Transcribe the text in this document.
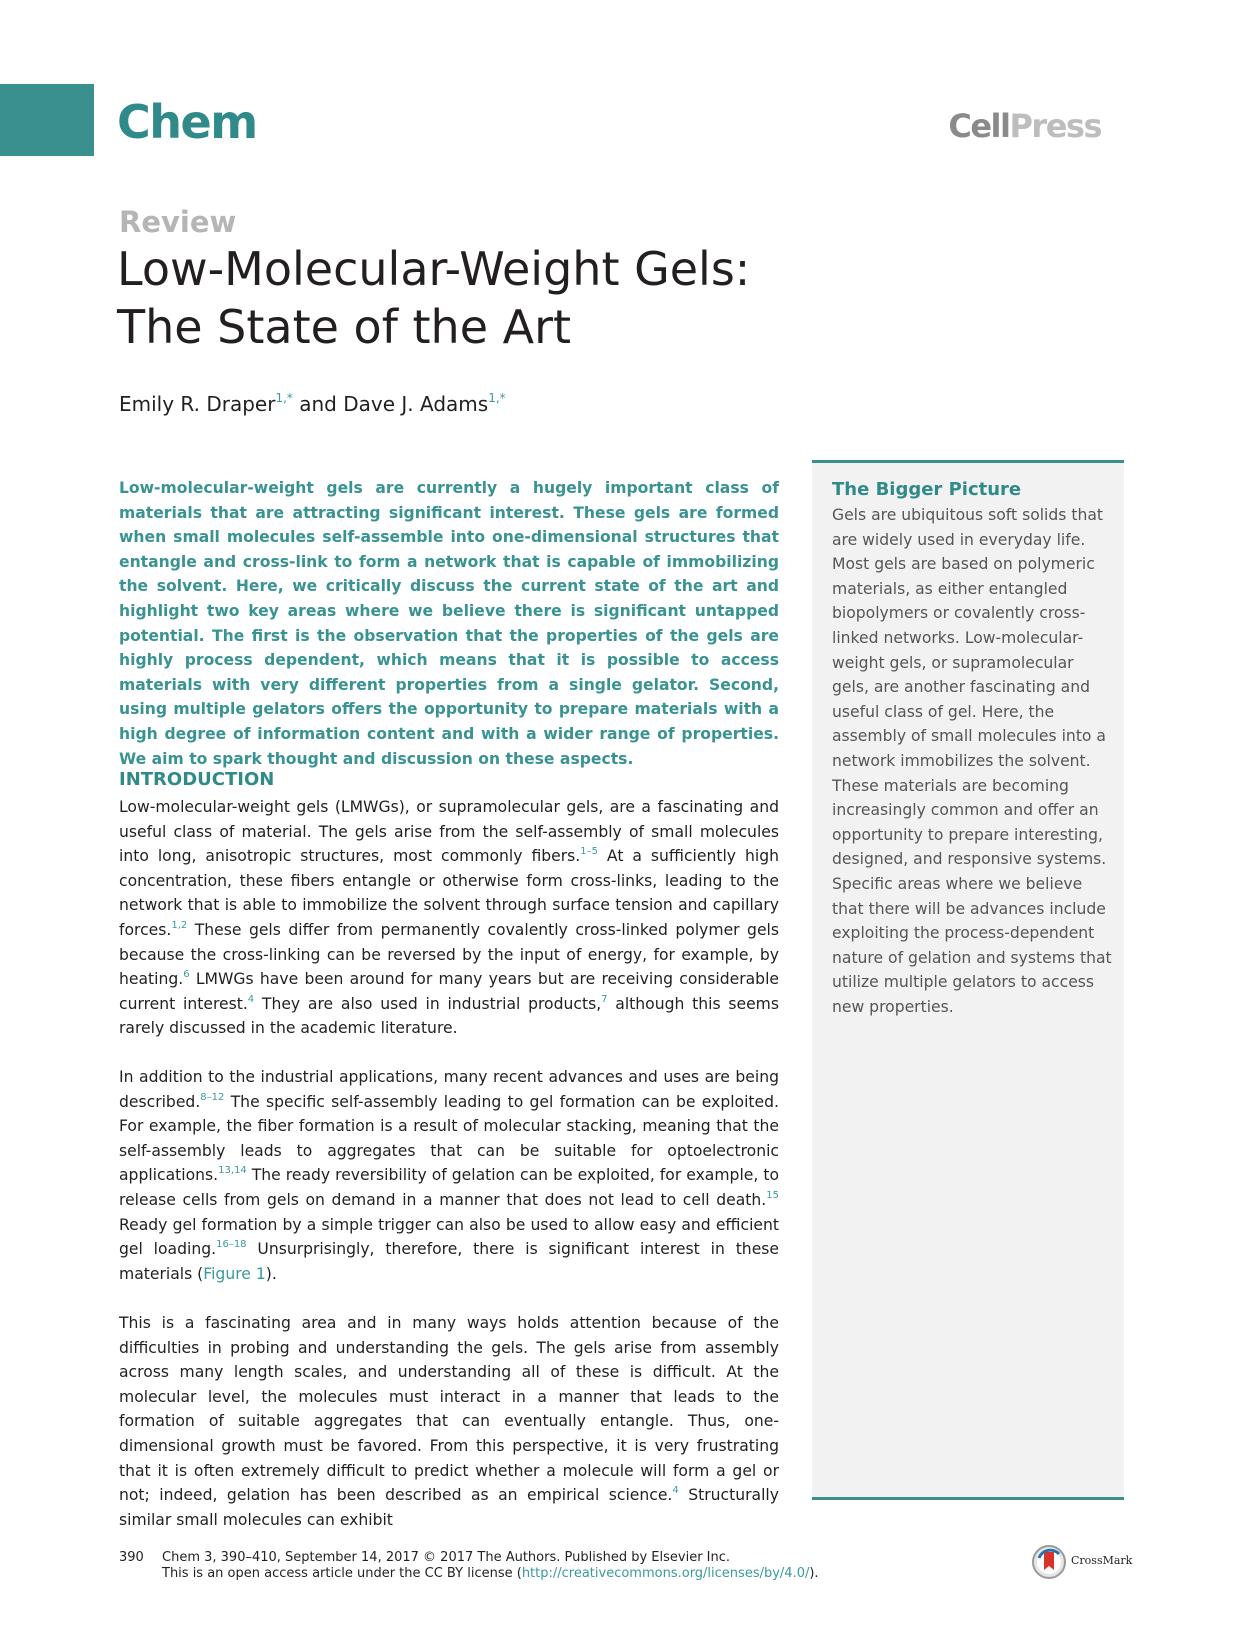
Chem	CellPress
Review
Low-Molecular-Weight Gels:
The State of the Art
Emily R. Draper$^{1,*}$ and Dave J. Adams$^{1,*}$
Low-molecular-weight gels are currently a hugely important class of materials that are attracting significant interest. These gels are formed when small molecules self-assemble into one-dimensional structures that entangle and cross-link to form a network that is capable of immobilizing the solvent. Here, we critically discuss the current state of the art and highlight two key areas where we believe there is significant untapped potential. The first is the observation that the properties of the gels are highly process dependent, which means that it is possible to access materials with very different properties from a single gelator. Second, using multiple gelators offers the opportunity to prepare materials with a high degree of information content and with a wider range of properties. We aim to spark thought and discussion on these aspects.
INTRODUCTION
Low-molecular-weight gels (LMWGs), or supramolecular gels, are a fascinating and useful class of material. The gels arise from the self-assembly of small molecules into long, anisotropic structures, most commonly fibers.$^{1-5}$ At a sufficiently high concentration, these fibers entangle or otherwise form cross-links, leading to the network that is able to immobilize the solvent through surface tension and capillary forces.$^{1,2}$ These gels differ from permanently covalently cross-linked polymer gels because the cross-linking can be reversed by the input of energy, for example, by heating.$^6$ LMWGs have been around for many years but are receiving considerable current interest.$^4$ They are also used in industrial products,$^7$ although this seems rarely discussed in the academic literature.
In addition to the industrial applications, many recent advances and uses are being described.$^{8-12}$ The specific self-assembly leading to gel formation can be exploited. For example, the fiber formation is a result of molecular stacking, meaning that the self-assembly leads to aggregates that can be suitable for optoelectronic applications.$^{13,14}$ The ready reversibility of gelation can be exploited, for example, to release cells from gels on demand in a manner that does not lead to cell death.$^{15}$ Ready gel formation by a simple trigger can also be used to allow easy and efficient gel loading.$^{16-18}$ Unsurprisingly, therefore, there is significant interest in these materials (Figure 1).
This is a fascinating area and in many ways holds attention because of the difficulties in probing and understanding the gels. The gels arise from assembly across many length scales, and understanding all of these is difficult. At the molecular level, the molecules must interact in a manner that leads to the formation of suitable aggregates that can eventually entangle. Thus, one-dimensional growth must be favored. From this perspective, it is very frustrating that it is often extremely difficult to predict whether a molecule will form a gel or not; indeed, gelation has been described as an empirical science.$^4$ Structurally similar small molecules can exhibit
The Bigger Picture
Gels are ubiquitous soft solids that are widely used in everyday life. Most gels are based on polymeric materials, as either entangled biopolymers or covalently cross-linked networks. Low-molecular-weight gels, or supramolecular gels, are another fascinating and useful class of gel. Here, the assembly of small molecules into a network immobilizes the solvent. These materials are becoming increasingly common and offer an opportunity to prepare interesting, designed, and responsive systems. Specific areas where we believe that there will be advances include exploiting the process-dependent nature of gelation and systems that utilize multiple gelators to access new properties.
390 Chem 3, 390–410, September 14, 2017 © 2017 The Authors. Published by Elsevier Inc.
This is an open access article under the CC BY license (http://creativecommons.org/licenses/by/4.0/).
CrossMark
